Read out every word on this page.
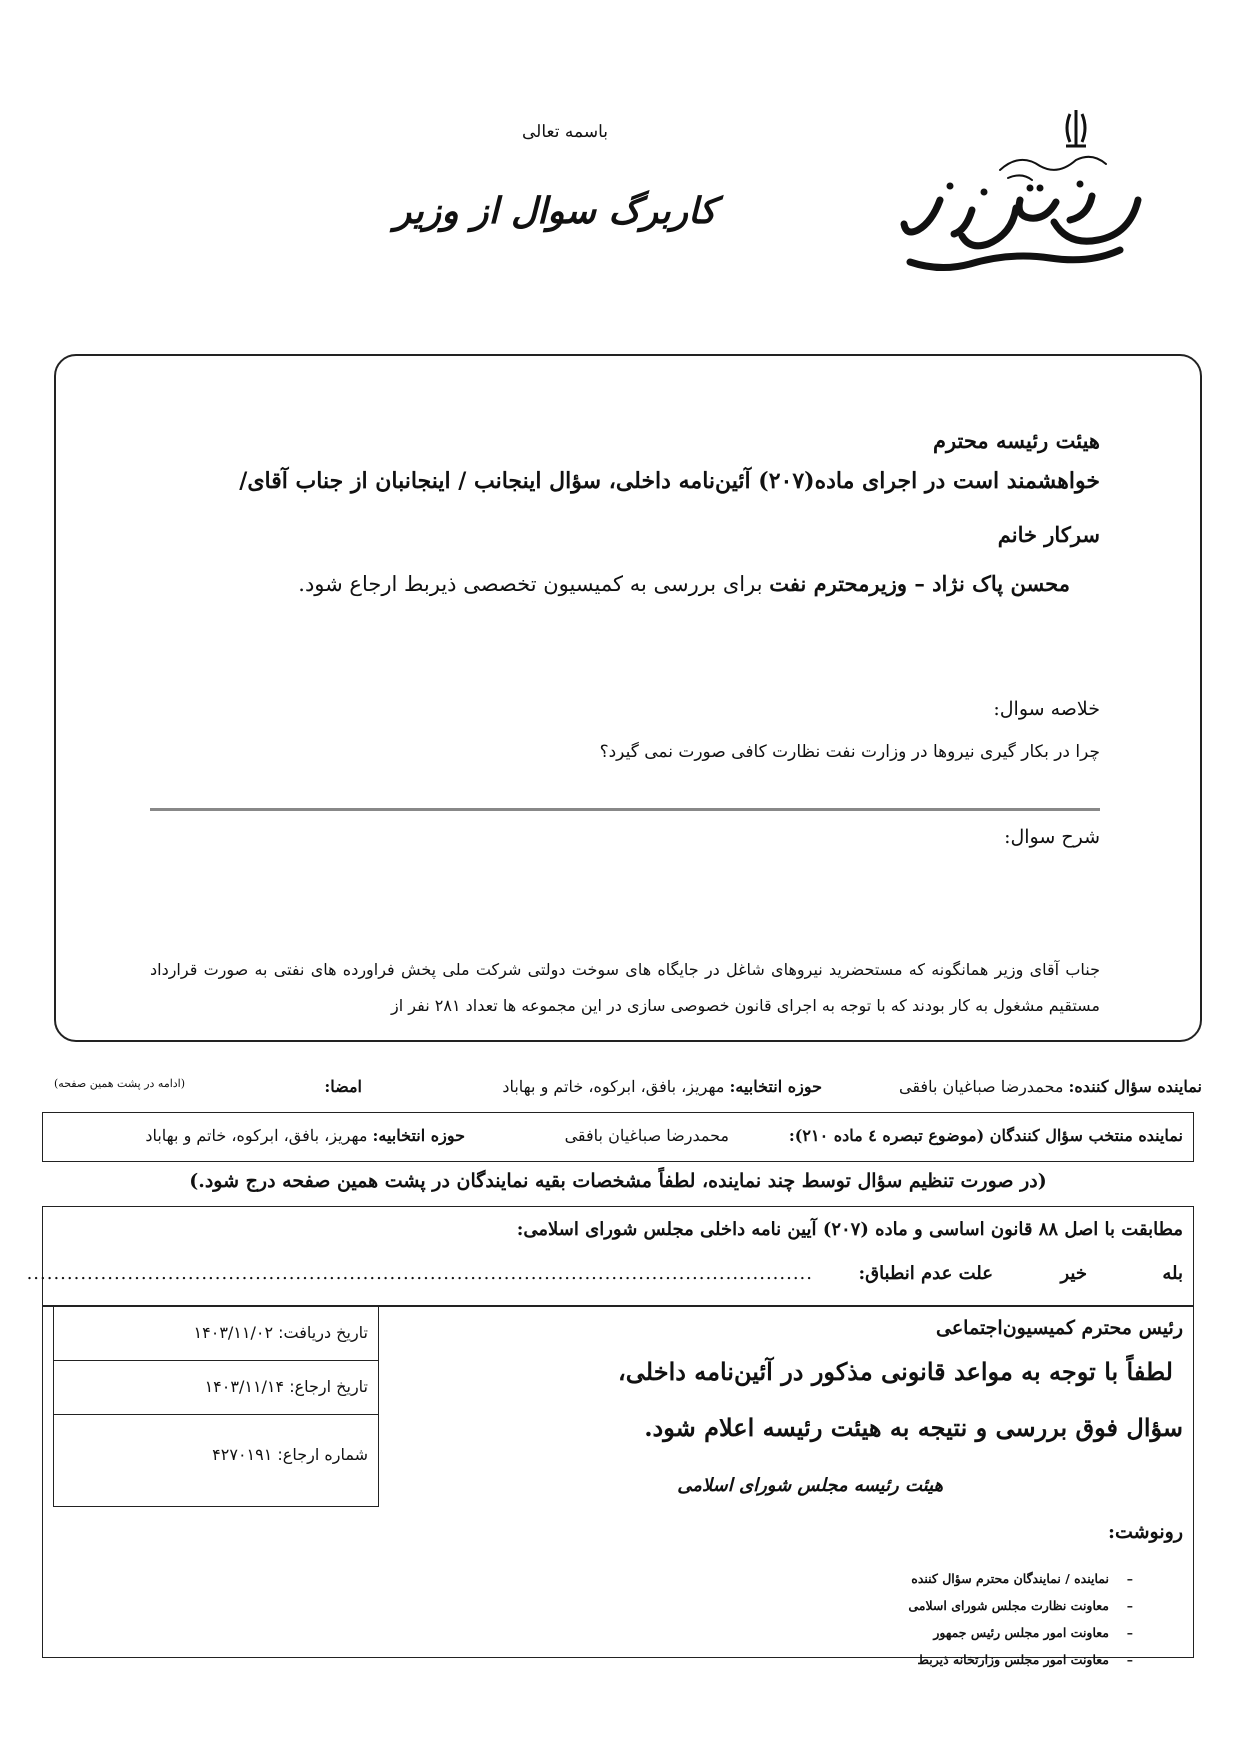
باسمه تعالی
کاربرگ سوال از وزیر
هیئت رئیسه محترم
خواهشمند است در اجرای ماده(۲۰۷) آئین‌نامه داخلی، سؤال اینجانب / اینجانبان از جناب آقای/
سرکار خانم
محسن پاک نژاد – وزیرمحترم نفت برای بررسی به کمیسیون تخصصی ذیربط ارجاع شود.
خلاصه سوال:
چرا در بکار گیری نیروها در وزارت نفت نظارت کافی صورت نمی گیرد؟
شرح سوال:
جناب آقای وزیر همانگونه که مستحضرید نیروهای شاغل در جایگاه های سوخت دولتی شرکت ملی پخش فراورده های نفتی به صورت قرارداد مستقیم مشغول به کار بودند که با توجه به اجرای قانون خصوصی سازی در این مجموعه ها تعداد ۲۸۱ نفر از
نماینده سؤال کننده: محمدرضا صباغیان بافقی
حوزه انتخابیه: مهریز، بافق، ابرکوه، خاتم و بهاباد
امضا:
(ادامه در پشت همین صفحه)
نماینده منتخب سؤال کنندگان (موضوع تبصره ٤ ماده ٢١٠):
محمدرضا صباغیان بافقی
حوزه انتخابیه: مهریز، بافق، ابرکوه، خاتم و بهاباد
(در صورت تنظیم سؤال توسط چند نماینده، لطفاً مشخصات بقیه نمایندگان در پشت همین صفحه درج شود.)
مطابقت با اصل ۸۸ قانون اساسی و ماده (۲۰۷) آیین نامه داخلی مجلس شورای اسلامی:
بله
خیر
علت عدم انطباق:
.....................................................................................................................
رئیس محترم کمیسیون‌اجتماعی
لطفاً با توجه به مواعد قانونی مذکور در آئین‌نامه داخلی،
سؤال فوق بررسی و نتیجه به هیئت رئیسه اعلام شود.
هیئت رئیسه مجلس شورای اسلامی
رونوشت:
– نماینده / نمایندگان محترم سؤال کننده
– معاونت نظارت مجلس شورای اسلامی
– معاونت امور مجلس رئیس جمهور
– معاونت امور مجلس وزارتخانه ذیربط
تاریخ دریافت: ۱۴۰۳/۱۱/۰۲
تاریخ ارجاع: ۱۴۰۳/۱۱/۱۴
شماره ارجاع: ۴۲۷۰۱۹۱
